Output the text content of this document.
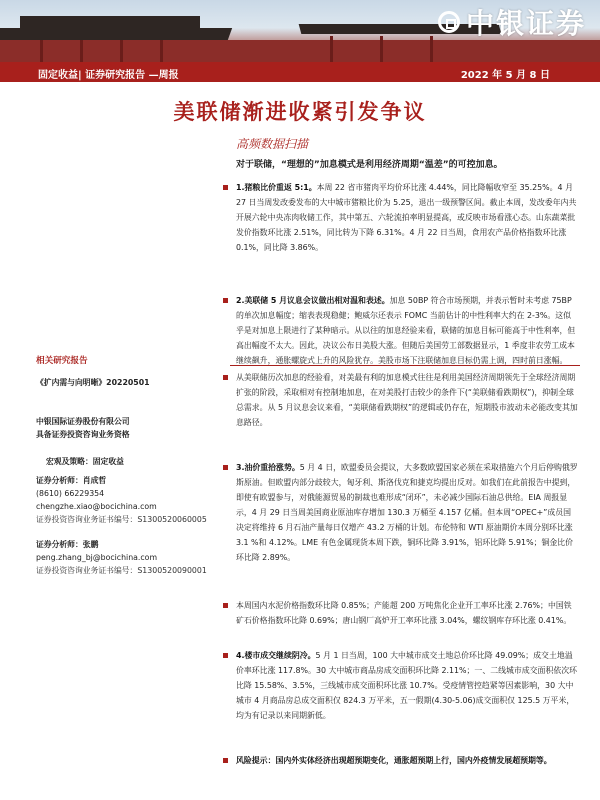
中银证券
固定收益| 证券研究报告 —周报	2022 年 5 月 8 日
美联储渐进收紧引发争议
高频数据扫描
对于联储，“理想的”加息模式是利用经济周期“温差”的可控加息。
1.猪粮比价重返 5:1。本周 22 省市猪肉平均价环比涨 4.44%，同比降幅收窄至 35.25%。4 月 27 日当周发改委发布的大中城市猪粮比价为 5.25，退出一级预警区间。截止本周，发改委年内共开展六轮中央冻肉收储工作，其中第五、六轮流拍率明显提高，或反映市场看涨心态。山东蔬菜批发价指数环比涨 2.51%，同比转为下降 6.31%。4 月 22 日当周，食用农产品价格指数环比涨 0.1%，同比降 3.86%。
2.美联储 5 月议息会议做出相对温和表述。加息 50BP 符合市场预期，并表示暂时未考虑 75BP 的单次加息幅度；缩表表现稳健；鲍威尔还表示 FOMC 当前估计的中性利率大约在 2-3%。这似乎是对加息上限进行了某种暗示。从以往的加息经验来看，联储的加息目标可能高于中性利率，但高出幅度不太大。因此，决议公布日美股大涨。但随后美国劳工部数据显示，1 季度非农劳工成本继续飙升，通胀螺旋式上升的风险犹存。美股市场下注联储加息目标仍需上调，四时前日涨幅。
从美联储历次加息的经验看，对美最有利的加息模式往往是利用美国经济周期领先于全球经济周期扩张的阶段，采取相对有控制地加息，在对美股打击较少的条件下(“美联储看跌期权”)，抑制全球总需求。从 5 月议息会议来看，“美联储看跌期权”的逻辑或仍存在，短期股市波动未必能改变其加息路径。
3.油价重拾涨势。5 月 4 日，欧盟委员会提议，大多数欧盟国家必须在采取措施六个月后停购俄罗斯原油。但欧盟内部分歧较大，匈牙利、斯洛伐克和捷克均提出反对。如我们在此前报告中提到，即使有欧盟参与，对俄能源贸易的制裁也难形成“闭环”，未必减少国际石油总供给。EIA 周报显示，4 月 29 日当周美国商业原油库存增加 130.3 万桶至 4.157 亿桶。但本周“OPEC+”成员国决定将维持 6 月石油产量每日仅增产 43.2 万桶的计划。布伦特和 WTI 原油期价本周分别环比涨 3.1 %和 4.12%。LME 有色金属现货本周下跌，铜环比降 3.91%，铝环比降 5.91%；铜金比价环比降 2.89%。
本周国内水泥价格指数环比降 0.85%；产能超 200 万吨焦化企业开工率环比涨 2.76%；中国铁矿石价格指数环比降 0.69%；唐山钢厂高炉开工率环比涨 3.04%，螺纹钢库存环比涨 0.41%。
4.楼市成交继续阴冷。5 月 1 日当周，100 大中城市成交土地总价环比降 49.09%；成交土地溢价率环比涨 117.8%。30 大中城市商品房成交面积环比降 2.11%；一、二线城市成交面积依次环比降 15.58%、3.5%，三线城市成交面积环比涨 10.7%。受疫情管控趋紧等因素影响，30 大中城市 4 月商品房总成交面积仅 824.3 万平米，五一假期(4.30-5.06)成交面积仅 125.5 万平米，均为有记录以来同期新低。
风险提示：国内外实体经济出现超预期变化，通胀超预期上行，国内外疫情发展超预期等。
相关研究报告
《扩内需与向明晰》20220501
中银国际证券股份有限公司
具备证券投资咨询业务资格
宏观及策略：固定收益
证券分析师：肖成哲
(8610) 66229354
chengzhe.xiao@bocichina.com
证券投资咨询业务证书编号：S1300520060005
证券分析师：张鹏
peng.zhang_bj@bocichina.com
证券投资咨询业务证书编号：S1300520090001
